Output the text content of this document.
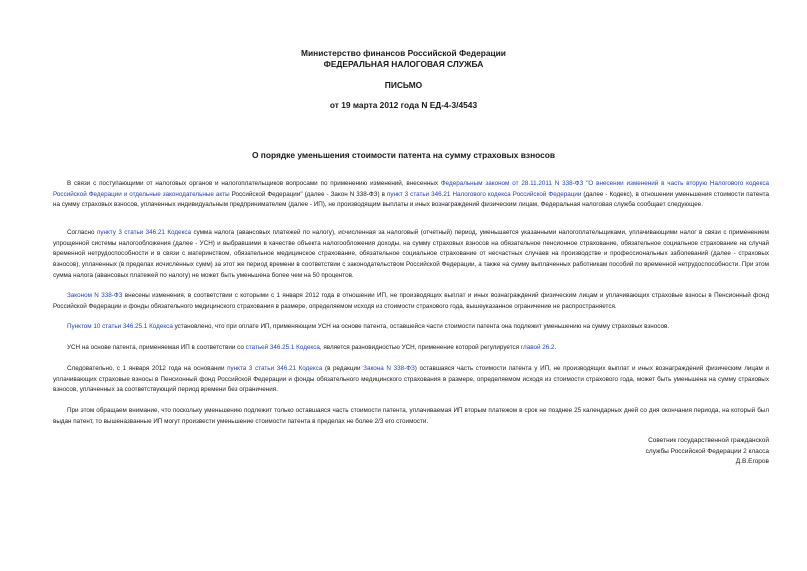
Министерство финансов Российской Федерации
ФЕДЕРАЛЬНАЯ НАЛОГОВАЯ СЛУЖБА
ПИСЬМО
от 19 марта 2012 года N ЕД-4-3/4543
О порядке уменьшения стоимости патента на сумму страховых взносов

В связи с поступающими от налоговых органов и налогоплательщиков вопросами по применению изменений, внесенных Федеральным законом от 28.11.2011 N 338-ФЗ "О внесении изменений в часть вторую Налогового кодекса Российской Федерации и отдельные законодательные акты Российской Федерации" (далее - Закон N 338-ФЗ) в пункт 3 статьи 346.21 Налогового кодекса Российской Федерации (далее - Кодекс), в отношении уменьшения стоимости патента на сумму страховых взносов, уплаченных индивидуальным предпринимателем (далее - ИП), не производящим выплаты и иных вознаграждений физическим лицам, Федеральная налоговая служба сообщает следующее.

Согласно пункту 3 статьи 346.21 Кодекса сумма налога (авансовых платежей по налогу), исчисленная за налоговый (отчетный) период, уменьшается указанными налогоплательщиками, уплачивающими налог в связи с применением упрощенной системы налогообложения (далее - УСН) и выбравшими в качестве объекта налогообложения доходы, на сумму страховых взносов на обязательное пенсионное страхование, обязательное социальное страхование на случай временной нетрудоспособности и в связи с материнством, обязательное медицинское страхование, обязательное социальное страхование от несчастных случаев на производстве и профессиональных заболеваний (далее - страховых взносов), уплаченных (в пределах исчисленных сумм) за этот же период времени в соответствии с законодательством Российской Федерации, а также на сумму выплаченных работникам пособий по временной нетрудоспособности. При этом сумма налога (авансовых платежей по налогу) не может быть уменьшена более чем на 50 процентов.

Законом N 338-ФЗ внесены изменения, в соответствии с которыми с 1 января 2012 года в отношении ИП, не производящих выплат и иных вознаграждений физическим лицам и уплачивающих страховые взносы в Пенсионный фонд Российской Федерации и фонды обязательного медицинского страхования в размере, определяемом исходя из стоимости страхового года, вышеуказанное ограничение не распространяется.

Пунктом 10 статьи 346.25.1 Кодекса установлено, что при оплате ИП, применяющим УСН на основе патента, оставшейся части стоимости патента она подлежит уменьшению на сумму страховых взносов.

УСН на основе патента, применяемая ИП в соответствии со статьей 346.25.1 Кодекса, является разновидностью УСН, применение которой регулируется главой 26.2.

Следовательно, с 1 января 2012 года на основании пункта 3 статьи 346.21 Кодекса (в редакции Закона N 338-ФЗ) оставшаяся часть стоимости патента у ИП, не производящих выплат и иных вознаграждений физическим лицам и уплачивающих страховые взносы в Пенсионный фонд Российской Федерации и фонды обязательного медицинского страхования в размере, определяемом исходя из стоимости страхового года, может быть уменьшена на сумму страховых взносов, уплаченных за соответствующий период времени без ограничения.

При этом обращаем внимание, что поскольку уменьшению подлежит только оставшаяся часть стоимости патента, уплачиваемая ИП вторым платежом в срок не позднее 25 календарных дней со дня окончания периода, на который был выдан патент, то вышеназванные ИП могут произвести уменьшение стоимости патента в пределах не более 2/3 его стоимости.

Советник государственной гражданской
службы Российской Федерации 2 класса
Д.В.Егоров
